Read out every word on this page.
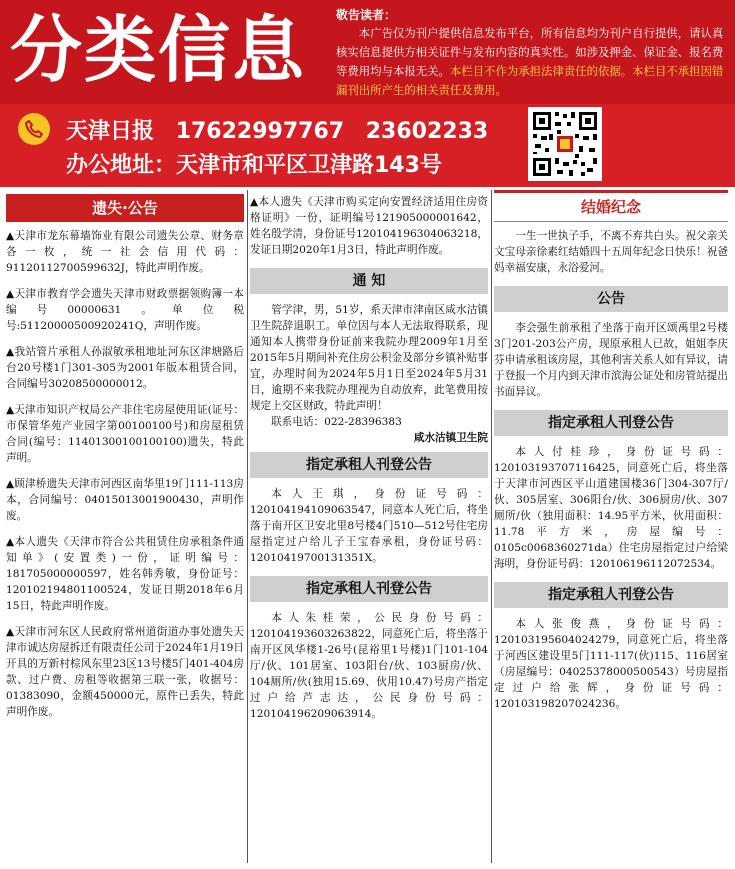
分类信息 敬告读者：

本广告仅为刊户提供信息发布平台，所有信息均为刊户自行提供，请认真核实信息提供方相关证件与发布内容的真实性。如涉及押金、保证金、报名费等费用均与本报无关。本栏目不作为承担法律责任的依据。本栏目不承担因错漏刊出所产生的相关责任及费用。

天津日报 17622997767 23602233
办公地址：天津市和平区卫津路143号
遗失·公告

▲天津市龙东幕墙饰业有限公司遗失公章、财务章各一枚，统一社会信用代码：91120112700599632J，特此声明作废。

▲天津市教育学会遗失天津市财政票据领购簿一本编号00000631。单位税号:51120000500920241Q，声明作废。

▲我站管片承租人孙淑敏承租地址河东区津塘路后台20号楼1门301-305为2001年版本租赁合同，合同编号30208500000012。

▲天津市知识产权局公产非住宅房屋使用证(证号：市保管华苑产业园字第00100100号)和房屋租赁合同(编号：11401300100100100)遗失，特此声明。

▲顾津桥遗失天津市河西区南华里19门111-113房本，合同编号：04015013001900430，声明作废。

▲本人遗失《天津市符合公共租赁住房承租条件通知单》(安置类)一份，证明编号：181705000000597，姓名韩秀敏，身份证号：120102194801100524，发证日期2018年6月15日，特此声明作废。

▲天津市河东区人民政府常州道街道办事处遗失天津市诚达房屋拆迁有限责任公司于2024年1月19日开具的万新村棕风东里23区13号楼5门401-404房款、过户费、房租等收据第三联一张，收据号：01383090，金额450000元，原件已丢失，特此声明作废。

▲本人遗失《天津市购买定向安置经济适用住房资格证明》一份，证明编号121905000001642，姓名殷学清，身份证号120104196304063218，发证日期2020年1月3日，特此声明作废。

通 知

管学津，男，51岁，系天津市津南区咸水沽镇卫生院辞退职工。单位因与本人无法取得联系，现通知本人携带身份证前来我院办理2009年1月至2015年5月期间补充住房公积金及部分乡镇补贴事宜，办理时间为2024年5月1日至2024年5月31日，逾期不来我院办理视为自动放弃，此笔费用按规定上交区财政，特此声明！

联系电话：022-28396383

咸水沽镇卫生院
指定承租人刊登公告

本人王琪，身份证号码：120104194109063547，同意本人死亡后，将坐落于南开区卫安北里8号楼4门510—512号住宅房屋指定过户给儿子王宝春承租，身份证号码：12010419700131351X。

指定承租人刊登公告

本人朱桂荣，公民身份号码：120104193603263822，同意死亡后，将坐落于南开区风华楼1-26号(昆裕里1号楼)1门101-104厅/伙、101居室、103阳台/伙、103厨房/伙、104厕所/伙(独用15.69、伙用10.47)号房产指定过户给芦志达，公民身份号码：120104196209063914。

结婚纪念

一生一世执子手，不离不弃共白头。祝父亲关文宝母亲徐素红结婚四十五周年纪念日快乐！祝爸妈幸福安康，永浴爱河。

公告

李会强生前承租了坐落于南开区颂禹里2号楼3门201-203公产房，现原承租人已故，姐姐李庆芬申请承租该房屋，其他利害关系人如有异议，请于登报一个月内到天津市滨海公证处和房管站提出书面异议。

指定承租人刊登公告

本人付桂珍，身份证号码：120103193707116425，同意死亡后，将坐落于天津市河西区平山道建国楼36门304-307厅/伙、305居室、306阳台/伙、306厨房/伙、307厕所/伙（独用面积：14.95平方米，伙用面积：11.78平方米，房屋编号：0105c0068360271da）住宅房屋指定过户给梁海明，身份证号码：120106196112072534。

指定承租人刊登公告

本人张俊燕，身份证号码：120103195604024279，同意死亡后，将坐落于河西区建设里5门111-117(伙)115、116居室（房屋编号：04025378000500543）号房屋指定过户给张辉，身份证号码：120103198207024236。
